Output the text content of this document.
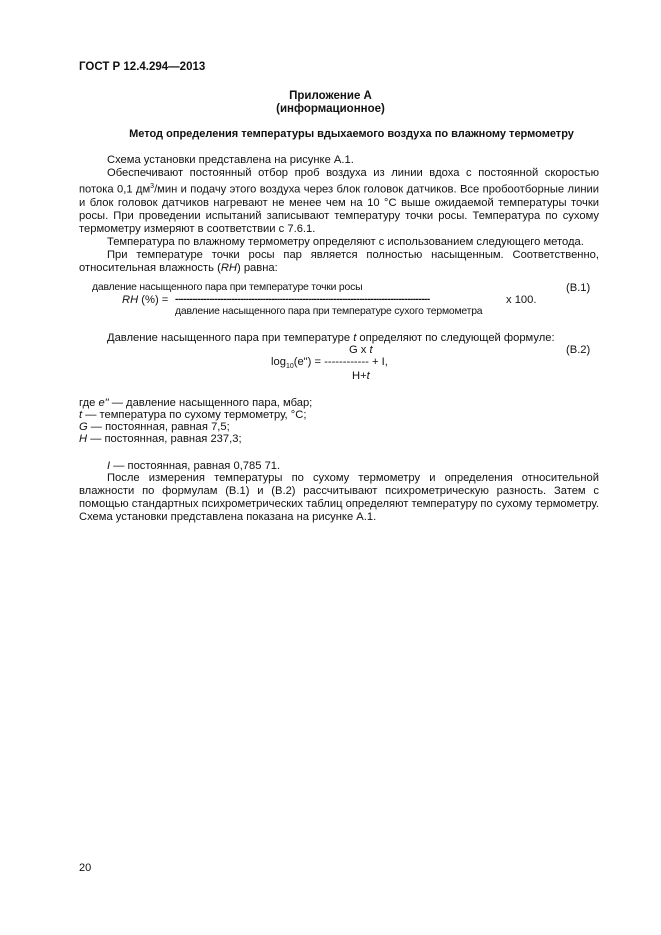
ГОСТ Р 12.4.294—2013
Приложение А
(информационное)
Метод определения температуры вдыхаемого воздуха по влажному термометру

Схема установки представлена на рисунке А.1.

Обеспечивают постоянный отбор проб воздуха из линии вдоха с постоянной скоростью потока 0,1 $дм^3$/мин и подачу этого воздуха через блок головок датчиков. Все пробоотборные линии и блок головок датчиков нагревают не менее чем на 10 °С выше ожидаемой температуры точки росы. При проведении испытаний записывают температуру точки росы. Температура по сухому термометру измеряют в соответствии с 7.6.1.

Температура по влажному термометру определяют с использованием следующего метода.

При температуре точки росы пар является полностью насыщенным. Соответственно, относительная влажность (RH) равна:

давление насыщенного пара при температуре точки росы	(B.1)
RH (%) = ------------------------------------------------------------------------------------------	х 100.
давление насыщенного пара при температуре сухого термометра
Давление насыщенного пара при температуре t определяют по следующей формуле:
G х t	(B.2)
$\log_{10}(e")$ = ------------ + I,
H+t
где е" — давление насыщенного пара, мбар;
t — температура по сухому термометру, °С;
G — постоянная, равная 7,5;
H — постоянная, равная 237,3;
I — постоянная, равная 0,785 71.

После измерения температуры по сухому термометру и определения относительной влажности по формулам (В.1) и (В.2) рассчитывают психрометрическую разность. Затем с помощью стандартных психрометрических таблиц определяют температуру по сухому термометру. Схема установки представлена показана на рисунке А.1.

20
